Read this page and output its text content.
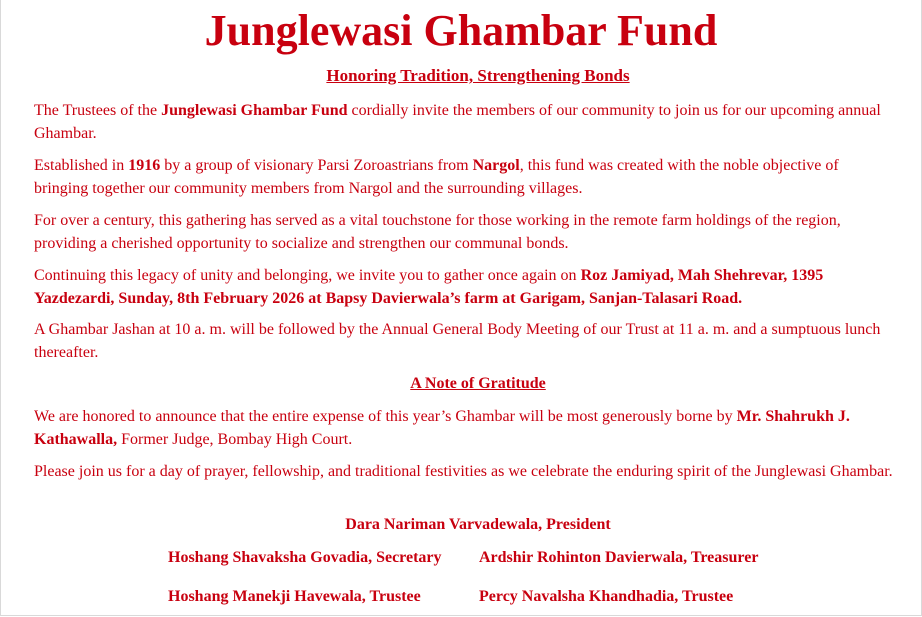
Junglewasi Ghambar Fund
Honoring Tradition, Strengthening Bonds

The Trustees of the Junglewasi Ghambar Fund cordially invite the members of our community to join us for our upcoming annual Ghambar.

Established in 1916 by a group of visionary Parsi Zoroastrians from Nargol, this fund was created with the noble objective of bringing together our community members from Nargol and the surrounding villages.

For over a century, this gathering has served as a vital touchstone for those working in the remote farm holdings of the region, providing a cherished opportunity to socialize and strengthen our communal bonds.

Continuing this legacy of unity and belonging, we invite you to gather once again on Roz Jamiyad, Mah Shehrevar, 1395 Yazdezardi, Sunday, 8th February 2026 at Bapsy Davierwala’s farm at Garigam, Sanjan-Talasari Road.

A Ghambar Jashan at 10 a. m. will be followed by the Annual General Body Meeting of our Trust at 11 a. m. and a sumptuous lunch thereafter.

A Note of Gratitude

We are honored to announce that the entire expense of this year’s Ghambar will be most generously borne by Mr. Shahrukh J. Kathawalla, Former Judge, Bombay High Court.

Please join us for a day of prayer, fellowship, and traditional festivities as we celebrate the enduring spirit of the Junglewasi Ghambar.

Dara Nariman Varvadewala, President
Hoshang Shavaksha Govadia, Secretary Ardshir Rohinton Davierwala, Treasurer
Hoshang Manekji Havewala, Trustee	Percy Navalsha Khandhadia, Trustee
